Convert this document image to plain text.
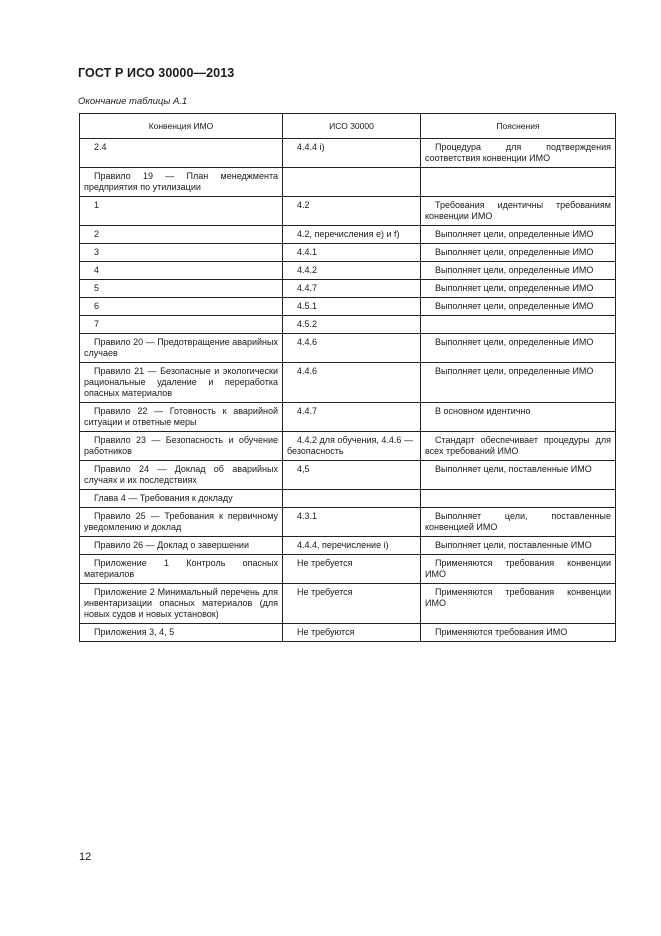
ГОСТ Р ИСО 30000—2013
Окончание таблицы А.1
Конвенция ИМО	ИСО 30000	Пояснения
2.4	4.4.4 i)	Процедура для подтверждения соответствия конвенции ИМО
Правило 19 — План менеджмента предприятия по утилизации		
1	4.2	Требования идентичны требованиям конвенции ИМО
2	4.2, перечисления e) и f)	Выполняет цели, определенные ИМО
3	4.4.1	Выполняет цели, определенные ИМО
4	4.4.2	Выполняет цели, определенные ИМО
5	4.4.7	Выполняет цели, определенные ИМО
6	4.5.1	Выполняет цели, определенные ИМО
7	4.5.2	
Правило 20 — Предотвращение аварийных случаев	4.4.6	Выполняет цели, определенные ИМО
Правило 21 — Безопасные и экологически рациональные удаление и переработка опасных материалов	4.4.6	Выполняет цели, определенные ИМО
Правило 22 — Готовность к аварийной ситуации и ответные меры	4.4.7	В основном идентично
Правило 23 — Безопасность и обучение работников	4.4.2 для обучения, 4.4.6 — безопасность	Стандарт обеспечивает процедуры для всех требований ИМО
Правило 24 — Доклад об аварийных случаях и их последствиях	4,5	Выполняет цели, поставленные ИМО
Глава 4 — Требования к докладу		
Правило 25 — Требования к первичному уведомлению и доклад	4.3.1	Выполняет цели, поставленные конвенцией ИМО
Правило 26 — Доклад о завершении	4.4.4, перечисление i)	Выполняет цели, поставленные ИМО
Приложение 1 Контроль опасных материалов	Не требуется	Применяются требования конвенции ИМО
Приложение 2 Минимальный перечень для инвентаризации опасных материалов (для новых судов и новых установок)	Не требуется	Применяются требования конвенции ИМО
Приложения 3, 4, 5	Не требуются	Применяются требования ИМО
12
